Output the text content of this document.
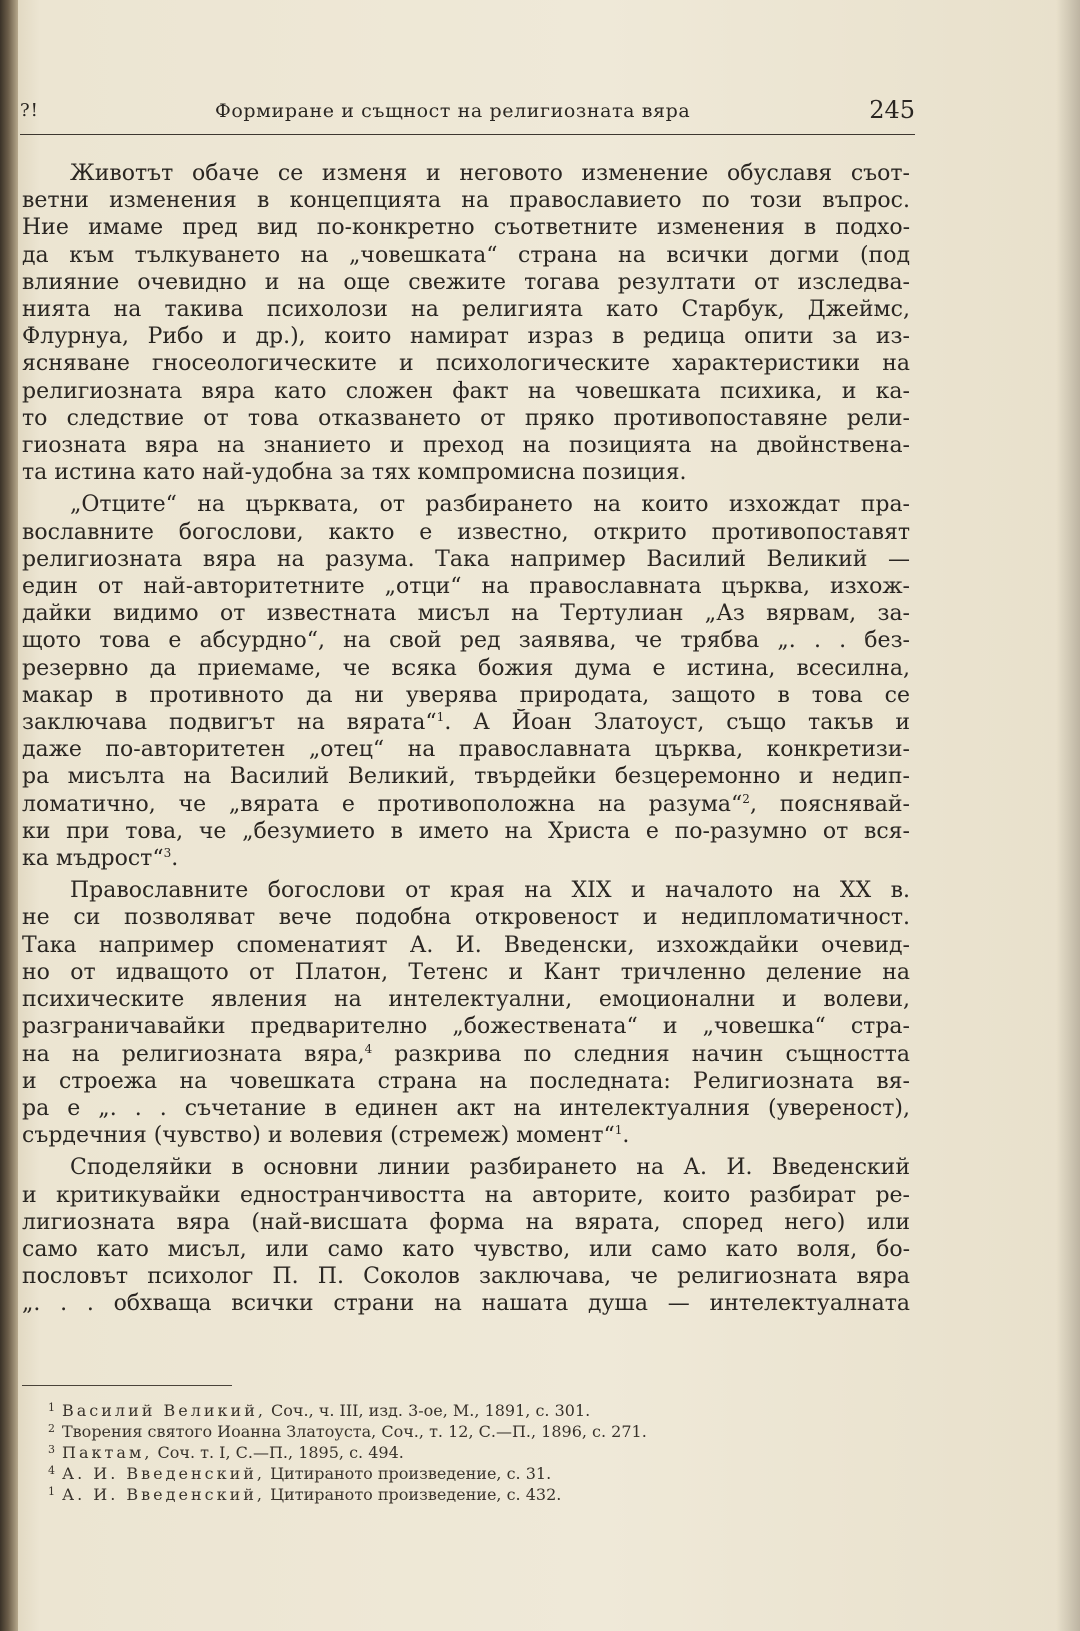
?!	Формиране и същност на религиозната вяра	245
Животът обаче се изменя и неговото изменение обуславя съот-
ветни изменения в концепцията на православието по този въпрос.
Ние имаме пред вид по-конкретно съответните изменения в подхо-
да към тълкуването на „човешката“ страна на всички догми (под
влияние очевидно и на още свежите тогава резултати от изследва-
нията на такива психолози на религията като Старбук, Джеймс,
Флурнуа, Рибо и др.), които намират израз в редица опити за из-
ясняване гносеологическите и психологическите характеристики на
религиозната вяра като сложен факт на човешката психика, и ка-
то следствие от това отказването от пряко противопоставяне рели-
гиозната вяра на знанието и преход на позицията на двойнствена-
та истина като най-удобна за тях компромисна позиция.
„Отците“ на църквата, от разбирането на които изхождат пра-
вославните богослови, както е известно, открито противопоставят
религиозната вяра на разума. Така например Василий Великий —
един от най-авторитетните „отци“ на православната църква, изхож-
дайки видимо от известната мисъл на Тертулиан „Аз вярвам, за-
щото това е абсурдно“, на свой ред заявява, че трябва „. . . без-
резервно да приемаме, че всяка божия дума е истина, всесилна,
макар в противното да ни уверява природата, защото в това се
заключава подвигът на вярата“$^1$. А Йоан Златоуст, също такъв и
даже по-авторитетен „отец“ на православната църква, конкретизи-
ра мисълта на Василий Великий, твърдейки безцеремонно и недип-
ломатично, че „вярата е противоположна на разума“$^2$, пояснявай-
ки при това, че „безумието в името на Христа е по-разумно от вся-
ка мъдрост“$^3$.
Православните богослови от края на XIX и началото на XX в.
не си позволяват вече подобна откровеност и недипломатичност.
Така например споменатият А. И. Введенски, изхождайки очевид-
но от идващото от Платон, Тетенс и Кант тричленно деление на
психическите явления на интелектуални, емоционални и волеви,
разграничавайки предварително „божествената“ и „човешка“ стра-
на на религиозната вяра,$^4$ разкрива по следния начин същността
и строежа на човешката страна на последната: Религиозната вя-
ра е „. . . съчетание в единен акт на интелектуалния (увереност),
сърдечния (чувство) и волевия (стремеж) момент“$^1$.
Споделяйки в основни линии разбирането на А. И. Введенский
и критикувайки едностранчивостта на авторите, които разбират ре-
лигиозната вяра (най-висшата форма на вярата, според него) или
само като мисъл, или само като чувство, или само като воля, бо-
пословът психолог П. П. Соколов заключава, че религиозната вяра
„. . . обхваща всички страни на нашата душа — интелектуалната
1 Василий Великий, Соч., ч. III, изд. 3-ое, М., 1891, с. 301.
2 Творения святого Иоанна Златоуста, Соч., т. 12, С.—П., 1896, с. 271.
3 Пактам, Соч. т. I, С.—П., 1895, с. 494.
4 А. И. Введенский, Цитираното произведение, с. 31.
1 А. И. Введенский, Цитираното произведение, с. 432.
